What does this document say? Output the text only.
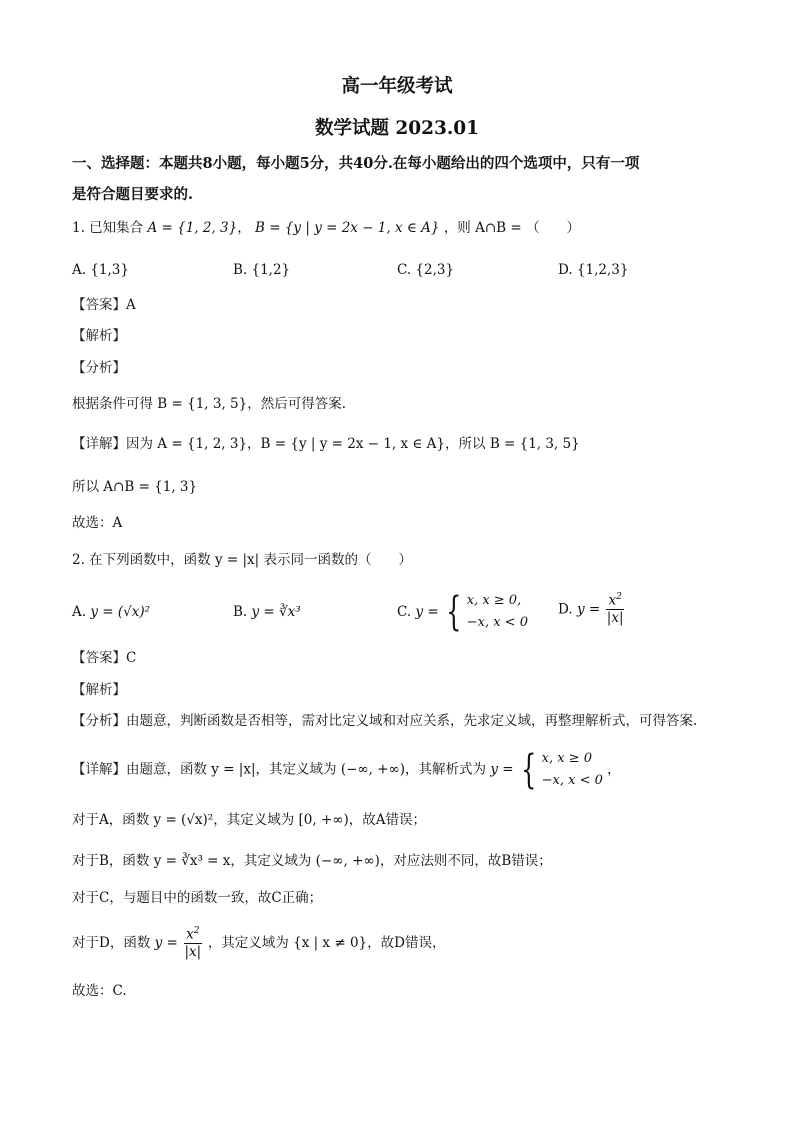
高一年级考试
数学试题 2023.01
一、选择题：本题共8小题，每小题5分，共40分.在每小题给出的四个选项中，只有一项
是符合题目要求的.
1. 已知集合 A = {1, 2, 3}， B = {y | y = 2x − 1, x ∈ A} ，则 A∩B = （　　）
A. {1,3}	B. {1,2}	C. {2,3}	D. {1,2,3}
【答案】A
【解析】
【分析】
根据条件可得 B = {1, 3, 5}，然后可得答案.
【详解】因为 A = {1, 2, 3}，B = {y | y = 2x − 1, x ∈ A}，所以 B = {1, 3, 5}
所以 A∩B = {1, 3}
故选：A
2. 在下列函数中，函数 y = |x| 表示同一函数的（　　）
A. y = (√x)²	B. y = ∛x³	C. y = { x, x ≥ 0,
−x, x < 0
D. $y = \frac{x^2}{|x|}$
【答案】C
【解析】
【分析】由题意，判断函数是否相等，需对比定义域和对应关系，先求定义域，再整理解析式，可得答案.
【详解】由题意，函数 y = |x|，其定义域为 (−∞, +∞)，其解析式为 y = { x, x ≥ 0
−x, x < 0
，
对于A，函数 y = (√x)²，其定义域为 [0, +∞)，故A错误；
对于B，函数 y = ∛x³ = x，其定义域为 (−∞, +∞)，对应法则不同，故B错误；
对于C，与题目中的函数一致，故C正确；
对于D，函数 $y = \frac{x^2}{|x|}$ ，其定义域为 {x | x ≠ 0}，故D错误，
故选：C.
